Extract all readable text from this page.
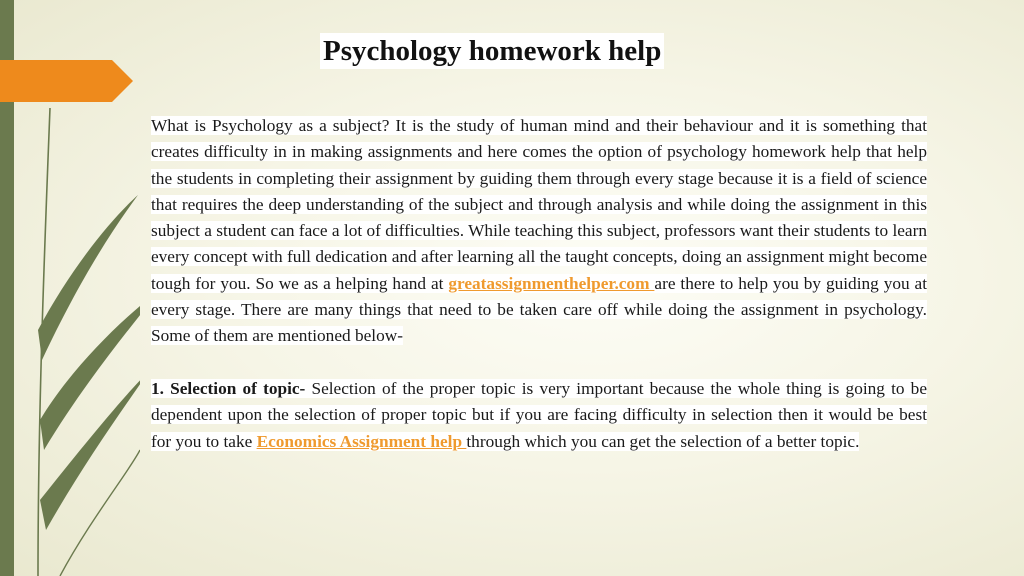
Psychology homework help

What is Psychology as a subject? It is the study of human mind and their behaviour and it is something that creates difficulty in in making assignments and here comes the option of psychology homework help that help the students in completing their assignment by guiding them through every stage because it is a field of science that requires the deep understanding of the subject and through analysis and while doing the assignment in this subject a student can face a lot of difficulties. While teaching this subject, professors want their students to learn every concept with full dedication and after learning all the taught concepts, doing an assignment might become tough for you. So we as a helping hand at greatassignmenthelper.com are there to help you by guiding you at every stage. There are many things that need to be taken care off while doing the assignment in psychology. Some of them are mentioned below-

1. Selection of topic- Selection of the proper topic is very important because the whole thing is going to be dependent upon the selection of proper topic but if you are facing difficulty in selection then it would be best for you to take Economics Assignment help through which you can get the selection of a better topic.
